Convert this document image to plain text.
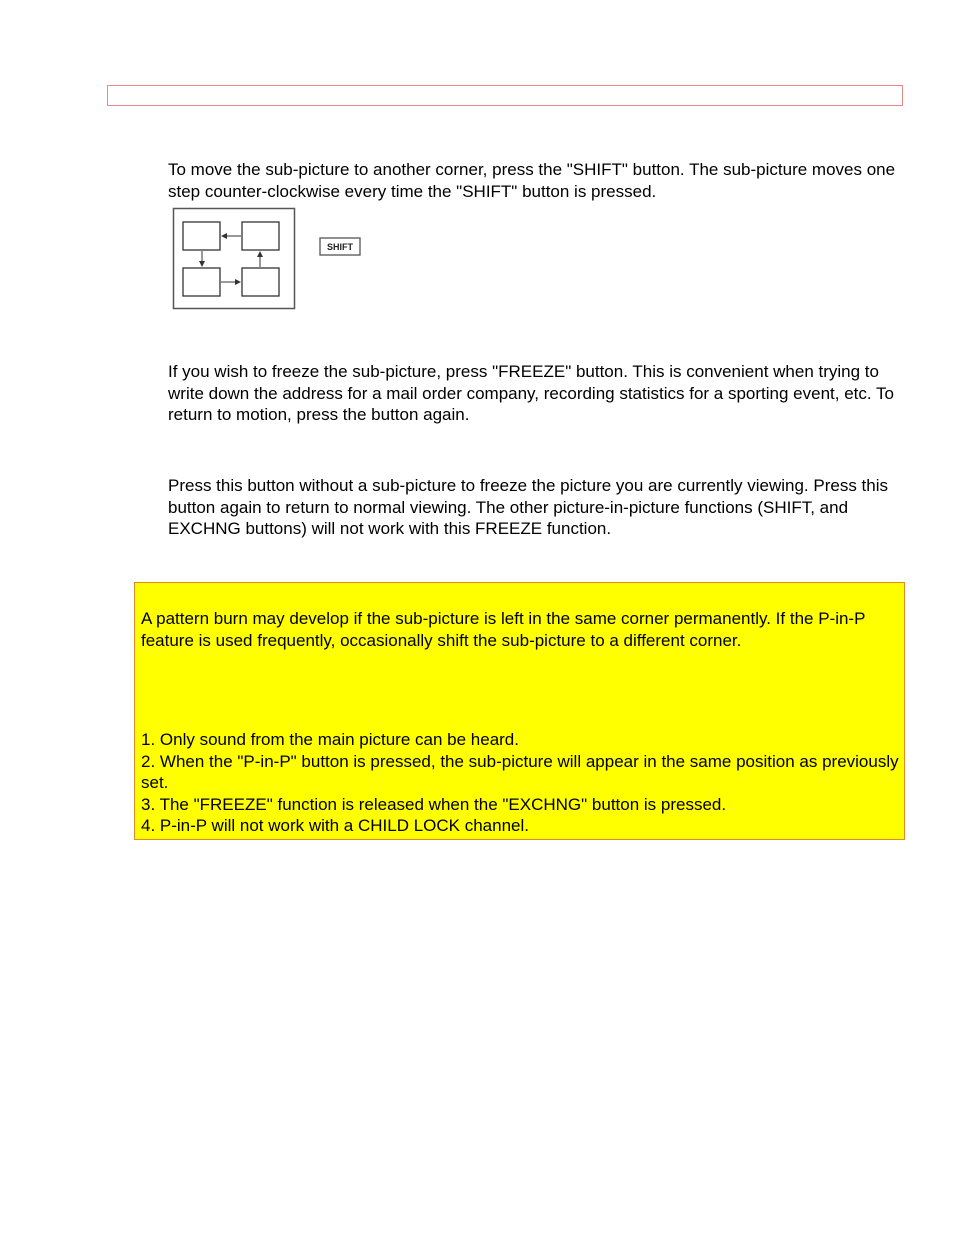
To move the sub-picture to another corner, press the "SHIFT" button. The sub-picture moves one step counter-clockwise every time the "SHIFT" button is pressed.

SHIFT

If you wish to freeze the sub-picture, press "FREEZE" button. This is convenient when trying to write down the address for a mail order company, recording statistics for a sporting event, etc. To return to motion, press the button again.

Press this button without a sub-picture to freeze the picture you are currently viewing. Press this button again to return to normal viewing. The other picture-in-picture functions (SHIFT, and EXCHNG buttons) will not work with this FREEZE function.

A pattern burn may develop if the sub-picture is left in the same corner permanently. If the P-in-P feature is used frequently, occasionally shift the sub-picture to a different corner.

1. Only sound from the main picture can be heard.
2. When the "P-in-P" button is pressed, the sub-picture will appear in the same position as previously set.
3. The "FREEZE" function is released when the "EXCHNG" button is pressed.
4. P-in-P will not work with a CHILD LOCK channel.
